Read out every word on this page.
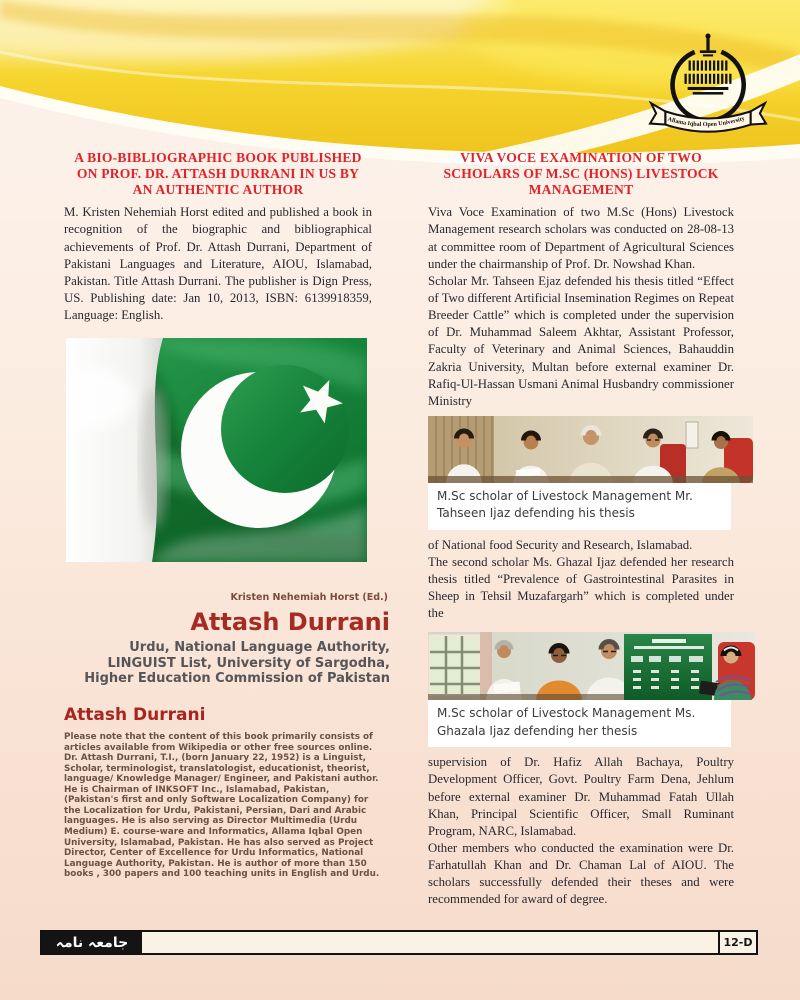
Allama Iqbal Open University
A BIO-BIBLIOGRAPHIC BOOK PUBLISHED
ON PROF. DR. ATTASH DURRANI IN US BY
AN AUTHENTIC AUTHOR

M. Kristen Nehemiah Horst edited and published a book in recognition of the biographic and bibliographical achievements of Prof. Dr. Attash Durrani, Department of Pakistani Languages and Literature, AIOU, Islamabad, Pakistan. Title Attash Durrani. The publisher is Dign Press, US. Publishing date: Jan 10, 2013, ISBN: 6139918359, Language: English.

Kristen Nehemiah Horst (Ed.)

Attash Durrani

Urdu, National Language Authority, LINGUIST List, University of Sargodha, Higher Education Commission of Pakistan

Attash Durrani

Please note that the content of this book primarily consists of articles available from Wikipedia or other free sources online. Dr. Attash Durrani, T.I., (born January 22, 1952) is a Linguist, Scholar, terminologist, translatologist, educationist, theorist, language/ Knowledge Manager/ Engineer, and Pakistani author. He is Chairman of INKSOFT Inc., Islamabad, Pakistan, (Pakistan's first and only Software Localization Company) for the Localization for Urdu, Pakistani, Persian, Dari and Arabic languages. He is also serving as Director Multimedia (Urdu Medium) E. course-ware and Informatics, Allama Iqbal Open University, Islamabad, Pakistan. He has also served as Project Director, Center of Excellence for Urdu Informatics, National Language Authority, Pakistan. He is author of more than 150 books , 300 papers and 100 teaching units in English and Urdu.

VIVA VOCE EXAMINATION OF TWO
SCHOLARS OF M.SC (HONS) LIVESTOCK
MANAGEMENT

Viva Voce Examination of two M.Sc (Hons) Livestock Management research scholars was conducted on 28-08-13 at committee room of Department of Agricultural Sciences under the chairmanship of Prof. Dr. Nowshad Khan.

Scholar Mr. Tahseen Ejaz defended his thesis titled “Effect of Two different Artificial Insemination Regimes on Repeat Breeder Cattle” which is completed under the supervision of Dr. Muhammad Saleem Akhtar, Assistant Professor, Faculty of Veterinary and Animal Sciences, Bahauddin Zakria University, Multan before external examiner Dr. Rafiq-Ul-Hassan Usmani Animal Husbandry commissioner Ministry

M.Sc scholar of Livestock Management Mr. Tahseen Ijaz defending his thesis

of National food Security and Research, Islamabad.

The second scholar Ms. Ghazal Ijaz defended her research thesis titled “Prevalence of Gastrointestinal Parasites in Sheep in Tehsil Muzafargarh” which is completed under the

M.Sc scholar of Livestock Management Ms. Ghazala Ijaz defending her thesis

supervision of Dr. Hafiz Allah Bachaya, Poultry Development Officer, Govt. Poultry Farm Dena, Jehlum before external examiner Dr. Muhammad Fatah Ullah Khan, Principal Scientific Officer, Small Ruminant Program, NARC, Islamabad.

Other members who conducted the examination were Dr. Farhatullah Khan and Dr. Chaman Lal of AIOU. The scholars successfully defended their theses and were recommended for award of degree.

جامعہ نامہ	12-D
